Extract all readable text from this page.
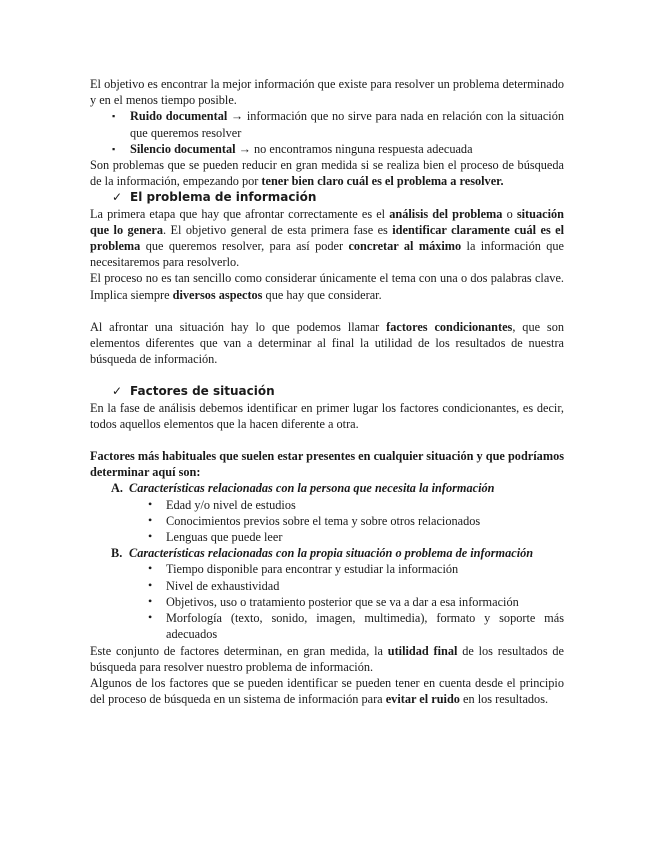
El objetivo es encontrar la mejor información que existe para resolver un problema determinado y en el menos tiempo posible.

▪ Ruido documental → información que no sirve para nada en relación con la situación que queremos resolver
▪ Silencio documental → no encontramos ninguna respuesta adecuada

Son problemas que se pueden reducir en gran medida si se realiza bien el proceso de búsqueda de la información, empezando por tener bien claro cuál es el problema a resolver.

✓ El problema de información

La primera etapa que hay que afrontar correctamente es el análisis del problema o situación que lo genera. El objetivo general de esta primera fase es identificar claramente cuál es el problema que queremos resolver, para así poder concretar al máximo la información que necesitaremos para resolverlo.

El proceso no es tan sencillo como considerar únicamente el tema con una o dos palabras clave. Implica siempre diversos aspectos que hay que considerar.

Al afrontar una situación hay lo que podemos llamar factores condicionantes, que son elementos diferentes que van a determinar al final la utilidad de los resultados de nuestra búsqueda de información.

✓ Factores de situación

En la fase de análisis debemos identificar en primer lugar los factores condicionantes, es decir, todos aquellos elementos que la hacen diferente a otra.

Factores más habituales que suelen estar presentes en cualquier situación y que podríamos determinar aquí son:

A. Características relacionadas con la persona que necesita la información
• Edad y/o nivel de estudios
• Conocimientos previos sobre el tema y sobre otros relacionados
• Lenguas que puede leer
B. Características relacionadas con la propia situación o problema de información
• Tiempo disponible para encontrar y estudiar la información
• Nivel de exhaustividad
• Objetivos, uso o tratamiento posterior que se va a dar a esa información
• Morfología (texto, sonido, imagen, multimedia), formato y soporte más adecuados

Este conjunto de factores determinan, en gran medida, la utilidad final de los resultados de búsqueda para resolver nuestro problema de información.

Algunos de los factores que se pueden identificar se pueden tener en cuenta desde el principio del proceso de búsqueda en un sistema de información para evitar el ruido en los resultados.
